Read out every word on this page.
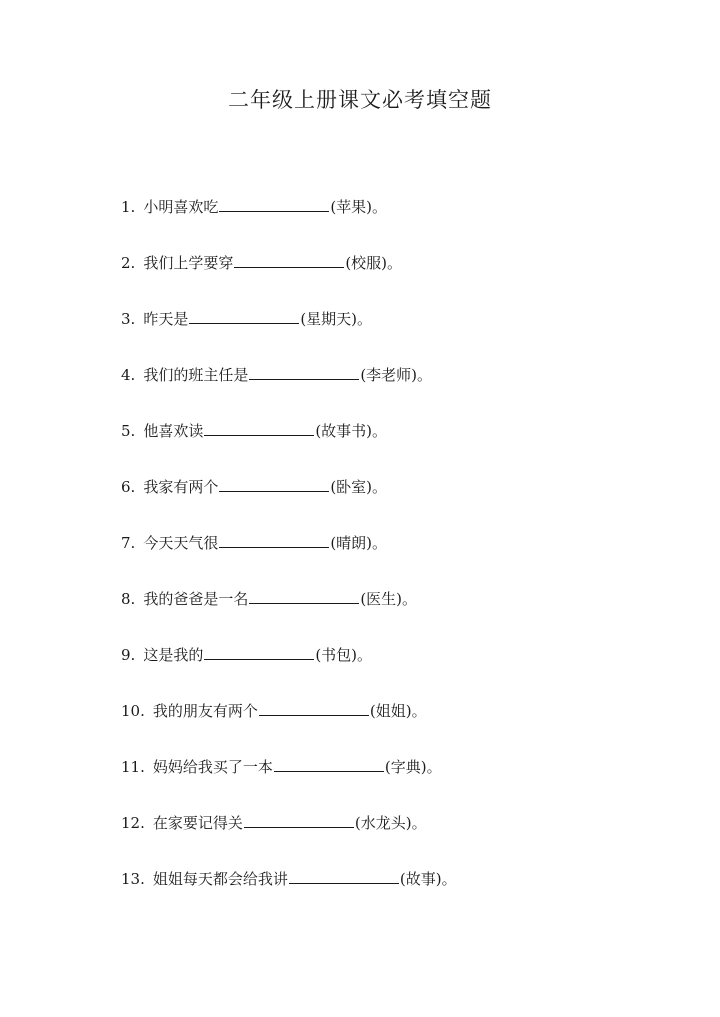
二年级上册课文必考填空题
1. 小明喜欢吃	(苹果)。
2. 我们上学要穿	(校服)。
3. 昨天是	(星期天)。
4. 我们的班主任是	(李老师)。
5. 他喜欢读	(故事书)。
6. 我家有两个	(卧室)。
7. 今天天气很	(晴朗)。
8. 我的爸爸是一名	(医生)。
9. 这是我的	(书包)。
10. 我的朋友有两个	(姐姐)。
11. 妈妈给我买了一本	(字典)。
12. 在家要记得关	(水龙头)。
13. 姐姐每天都会给我讲	(故事)。
